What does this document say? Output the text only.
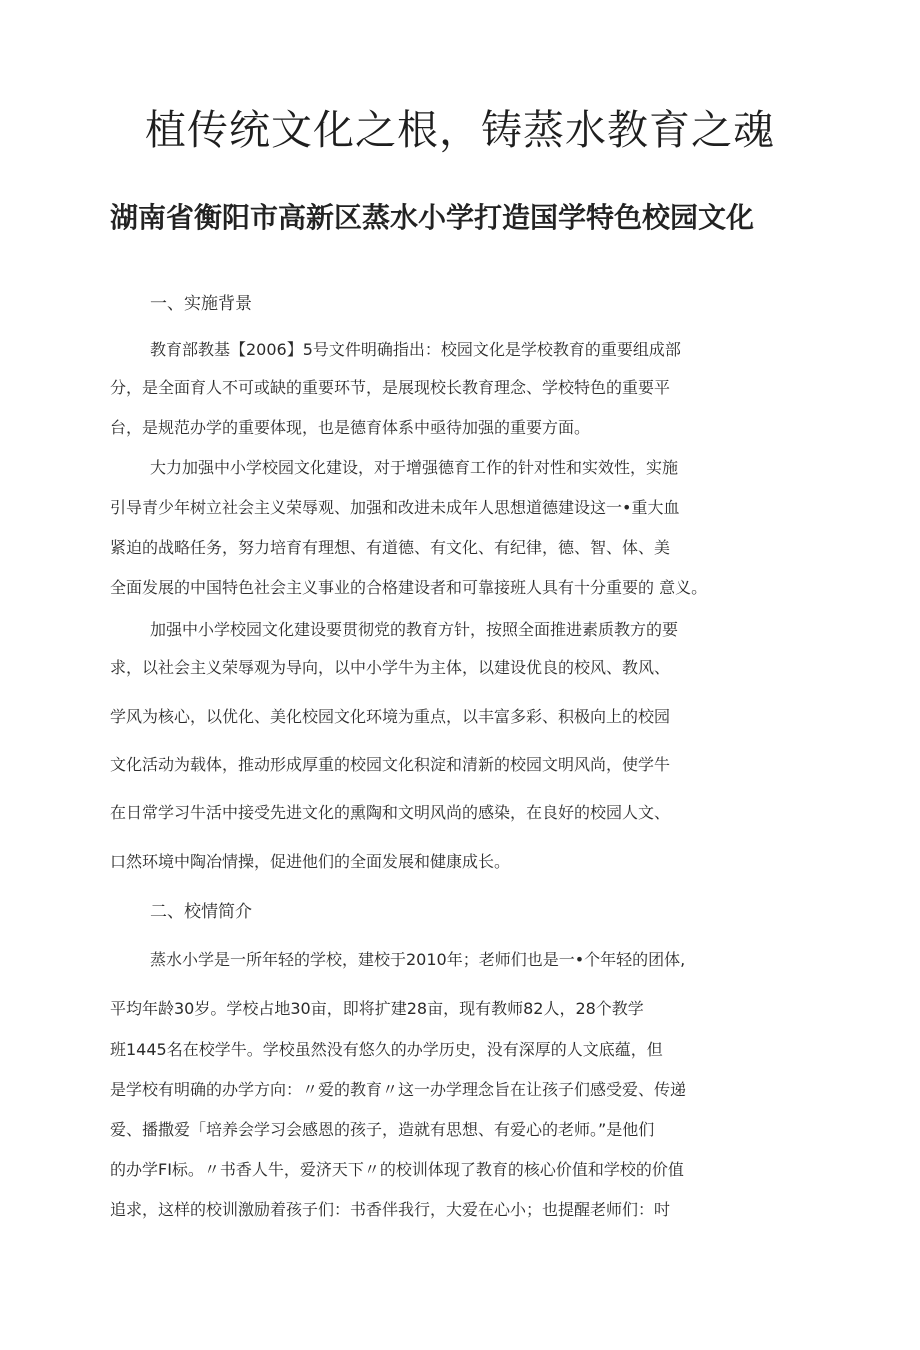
植传统文化之根，铸蒸水教育之魂
湖南省衡阳市高新区蒸水小学打造国学特色校园文化

一、实施背景

教育部教基【2006】5号文件明确指出：校园文化是学校教育的重要组成部

分，是全面育人不可或缺的重要环节，是展现校长教育理念、学校特色的重要平

台，是规范办学的重要体现，也是德育体系中亟待加强的重要方面。

大力加强中小学校园文化建设，对于增强德育工作的针对性和实效性，实施

引导青少年树立社会主义荣辱观、加强和改进未成年人思想道德建设这一•重大血

紧迫的战略任务，努力培育有理想、有道德、有文化、有纪律，德、智、体、美

全面发展的中国特色社会主义事业的合格建设者和可靠接班人具有十分重要的 意义。

加强中小学校园文化建设要贯彻党的教育方针，按照全面推进素质教方的要

求，以社会主义荣辱观为导向，以中小学牛为主体，以建设优良的校风、教风、

学风为核心，以优化、美化校园文化环境为重点，以丰富多彩、积极向上的校园

文化活动为载体，推动形成厚重的校园文化积淀和清新的校园文明风尚，使学牛

在日常学习牛活中接受先进文化的熏陶和文明风尚的感染，在良好的校园人文、

口然环境中陶冶情操，促进他们的全面发展和健康成长。

二、校情简介

蒸水小学是一所年轻的学校，建校于2010年；老师们也是一•个年轻的团体,

平均年龄30岁。学校占地30亩，即将扩建28亩，现有教师82人，28个教学

班1445名在校学牛。学校虽然没有悠久的办学历史，没有深厚的人文底蕴，但

是学校有明确的办学方向：〃爱的教育〃这一办学理念旨在让孩子们感受爱、传递

爱、播撒爱「培养会学习会感恩的孩子，造就有思想、有爱心的老师。”是他们

的办学FI标。〃书香人牛，爱济天下〃的校训体现了教育的核心价值和学校的价值

追求，这样的校训激励着孩子们：书香伴我行，大爱在心小；也提醒老师们：吋
